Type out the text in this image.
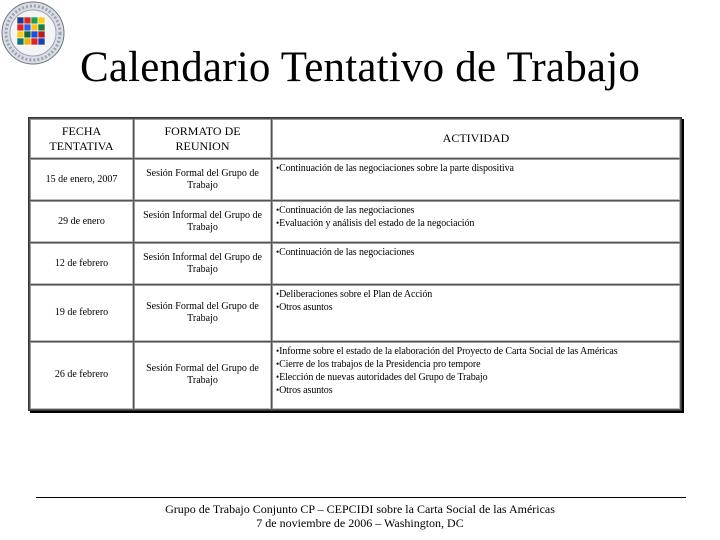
Calendario Tentativo de Trabajo
FECHA TENTATIVA	FORMATO DE REUNION	ACTIVIDAD
15 de enero, 2007	Sesión Formal del Grupo de Trabajo	•Continuación de las negociaciones sobre la parte dispositiva

29 de enero	Sesión Informal del Grupo de Trabajo	•Continuación de las negociaciones
•Evaluación y análisis del estado de la negociación

12 de febrero	Sesión Informal del Grupo de Trabajo	•Continuación de las negociaciones

19 de febrero	Sesión Formal del Grupo de Trabajo	•Deliberaciones sobre el Plan de Acción
•Otros asuntos

26 de febrero	Sesión Formal del Grupo de Trabajo	•Informe sobre el estado de la elaboración del Proyecto de Carta Social de las Américas
•Cierre de los trabajos de la Presidencia pro tempore
•Elección de nuevas autoridades del Grupo de Trabajo
•Otros asuntos
Grupo de Trabajo Conjunto CP – CEPCIDI sobre la Carta Social de las Américas
7 de noviembre de 2006 – Washington, DC
